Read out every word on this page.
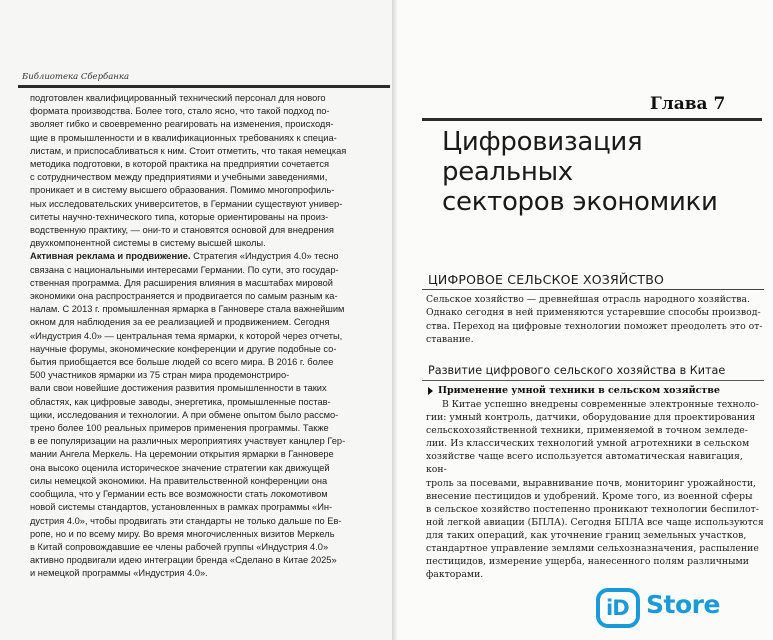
Библиотека Сбербанка
подготовлен квалифицированный технический персонал для нового
формата производства. Более того, стало ясно, что такой подход по-
зволяет гибко и своевременно реагировать на изменения, происходя-
щие в промышленности и в квалификационных требованиях к специа-
листам, и приспосабливаться к ним. Стоит отметить, что такая немецкая
методика подготовки, в которой практика на предприятии сочетается
с сотрудничеством между предприятиями и учебными заведениями,
проникает и в систему высшего образования. Помимо многопрофиль-
ных исследовательских университетов, в Германии существуют универ-
ситеты научно-технического типа, которые ориентированы на произ-
водственную практику, — они-то и становятся основой для внедрения
двухкомпонентной системы в систему высшей школы.
Активная реклама и продвижение. Стратегия «Индустрия 4.0» тесно
связана с национальными интересами Германии. По сути, это государ-
ственная программа. Для расширения влияния в масштабах мировой
экономики она распространяется и продвигается по самым разным ка-
налам. С 2013 г. промышленная ярмарка в Ганновере стала важнейшим
окном для наблюдения за ее реализацией и продвижением. Сегодня
«Индустрия 4.0» — центральная тема ярмарки, к которой через отчеты,
научные форумы, экономические конференции и другие подобные со-
бытия приобщается все больше людей со всего мира. В 2016 г. более
500 участников ярмарки из 75 стран мира продемонстриро-
вали свои новейшие достижения развития промышленности в таких
областях, как цифровые заводы, энергетика, промышленные постав-
щики, исследования и технологии. А при обмене опытом было рассмо-
трено более 100 реальных примеров применения программы. Также
в ее популяризации на различных мероприятиях участвует канцлер Гер-
мании Ангела Меркель. На церемонии открытия ярмарки в Ганновере
она высоко оценила историческое значение стратегии как движущей
силы немецкой экономики. На правительственной конференции она
сообщила, что у Германии есть все возможности стать локомотивом
новой системы стандартов, установленных в рамках программы «Ин-
дустрия 4.0», чтобы продвигать эти стандарты не только дальше по Ев-
ропе, но и по всему миру. Во время многочисленных визитов Меркель
в Китай сопровождавшие ее члены рабочей группы «Индустрия 4.0»
активно продвигали идею интеграции бренда «Сделано в Китае 2025»
и немецкой программы «Индустрия 4.0».
Глава 7
Цифровизация реальных
секторов экономики
ЦИФРОВОЕ СЕЛЬСКОЕ ХОЗЯЙСТВО
Сельское хозяйство — древнейшая отрасль народного хозяйства.
Однако сегодня в ней применяются устаревшие способы производ-
ства. Переход на цифровые технологии поможет преодолеть это от-
ставание.
Развитие цифрового сельского хозяйства в Китае
Применение умной техники в сельском хозяйстве
В Китае успешно внедрены современные электронные техноло-
гии: умный контроль, датчики, оборудование для проектирования
сельскохозяйственной техники, применяемой в точном земледе-
лии. Из классических технологий умной агротехники в сельском
хозяйстве чаще всего используется автоматическая навигация, кон-
троль за посевами, выравнивание почв, мониторинг урожайности,
внесение пестицидов и удобрений. Кроме того, из военной сферы
в сельское хозяйство постепенно проникают технологии беспилот-
ной легкой авиации (БПЛА). Сегодня БПЛА все чаще используются
для таких операций, как уточнение границ земельных участков,
стандартное управление землями сельхозназначения, распыление
пестицидов, измерение ущерба, нанесенного полям различными
факторами.
iD Store
